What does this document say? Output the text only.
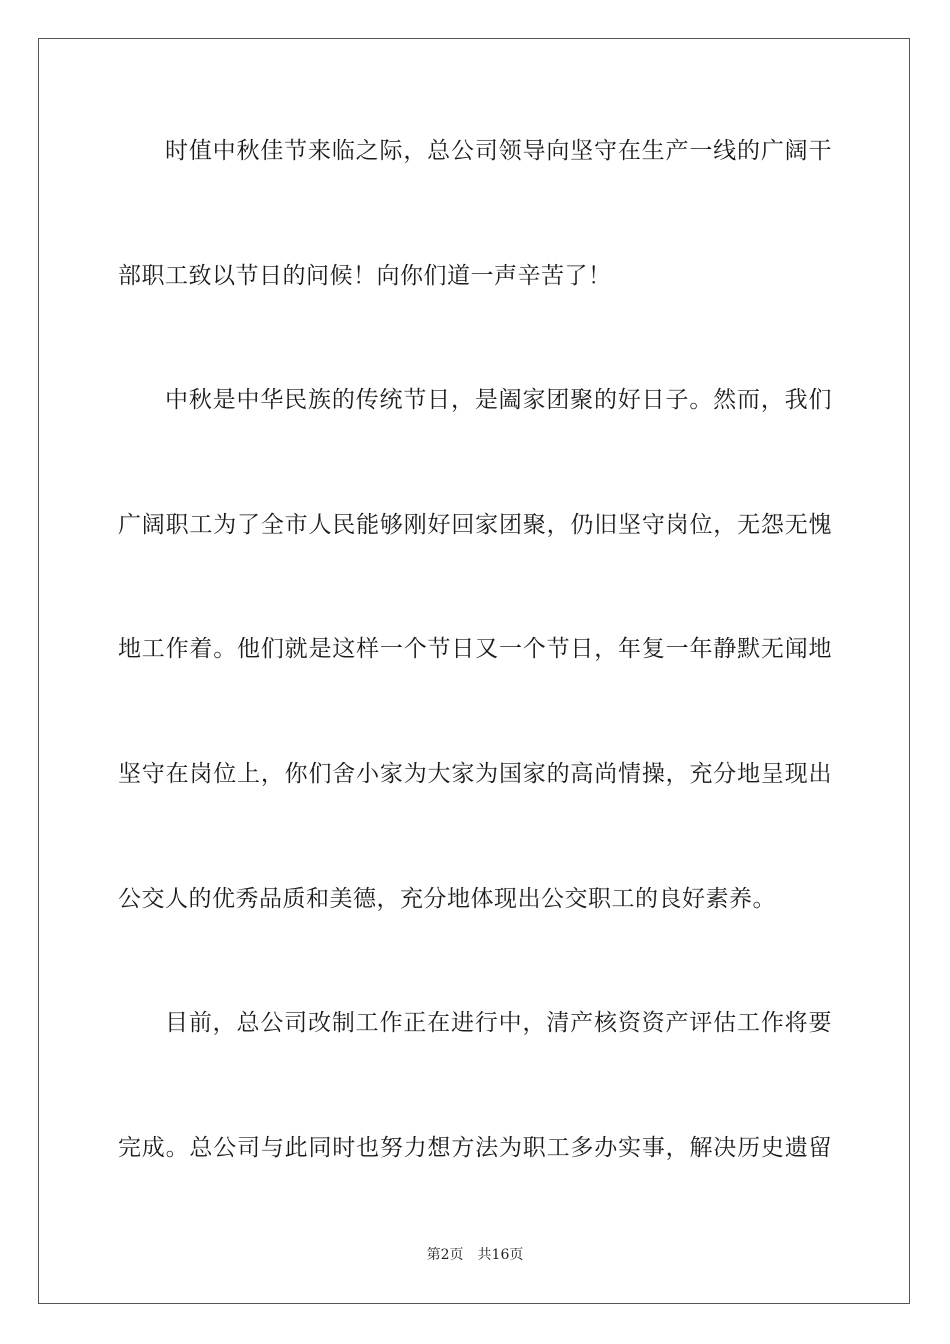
时值中秋佳节来临之际，总公司领导向坚守在生产一线的广阔干
部职工致以节日的问候！向你们道一声辛苦了！
中秋是中华民族的传统节日，是阖家团聚的好日子。然而，我们
广阔职工为了全市人民能够刚好回家团聚，仍旧坚守岗位，无怨无愧
地工作着。他们就是这样一个节日又一个节日，年复一年静默无闻地
坚守在岗位上，你们舍小家为大家为国家的高尚情操，充分地呈现出
公交人的优秀品质和美德，充分地体现出公交职工的良好素养。
目前，总公司改制工作正在进行中，清产核资资产评估工作将要
完成。总公司与此同时也努力想方法为职工多办实事，解决历史遗留
第2页 共16页
